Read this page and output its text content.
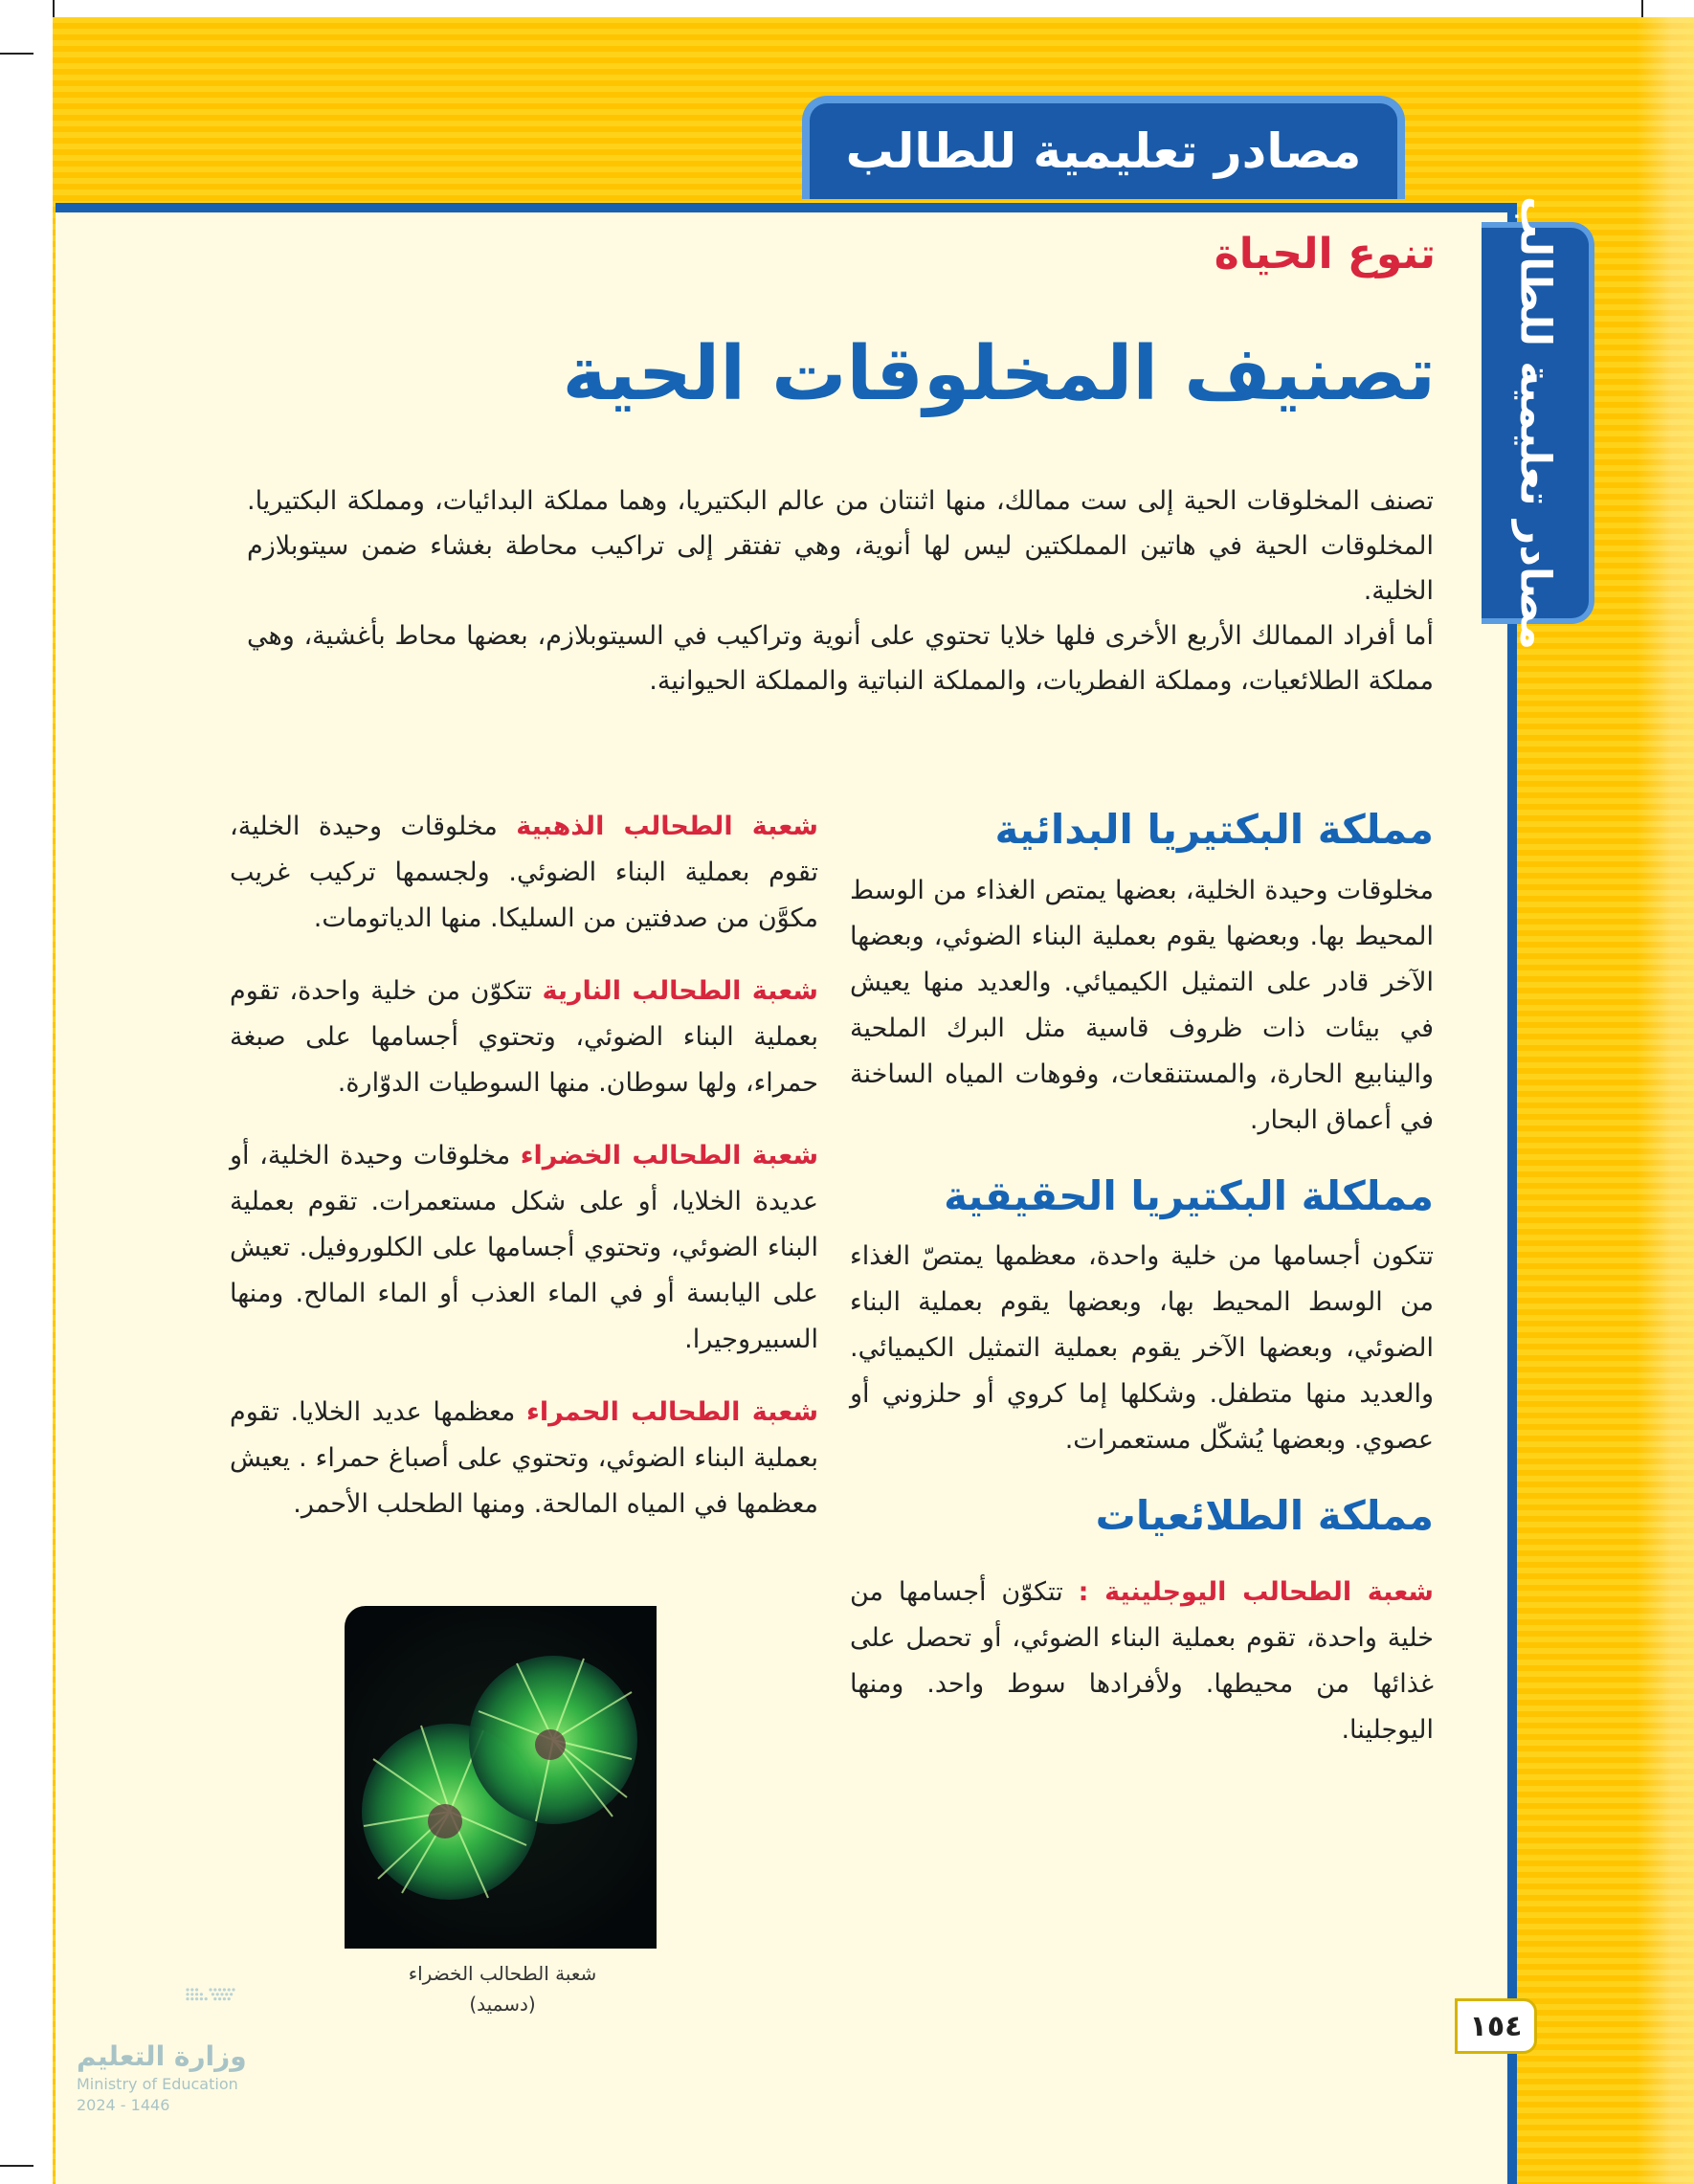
مصادر تعليمية للطالب
مصادر تعليمية للطالب
تنوع الحياة
تصنيف المخلوقات الحية

تصنف المخلوقات الحية إلى ست ممالك، منها اثنتان من عالم البكتيريا، وهما مملكة البدائيات، ومملكة البكتيريا. المخلوقات الحية في هاتين المملكتين ليس لها أنوية، وهي تفتقر إلى تراكيب محاطة بغشاء ضمن سيتوبلازم الخلية.

أما أفراد الممالك الأربع الأخرى فلها خلايا تحتوي على أنوية وتراكيب في السيتوبلازم، بعضها محاط بأغشية، وهي مملكة الطلائعيات، ومملكة الفطريات، والمملكة النباتية والمملكة الحيوانية.

مملكة البكتيريا البدائية

مخلوقات وحيدة الخلية، بعضها يمتص الغذاء من الوسط المحيط بها. وبعضها يقوم بعملية البناء الضوئي، وبعضها الآخر قادر على التمثيل الكيميائي. والعديد منها يعيش في بيئات ذات ظروف قاسية مثل البرك الملحية والينابيع الحارة، والمستنقعات، وفوهات المياه الساخنة في أعماق البحار.

مملكلة البكتيريا الحقيقية

تتكون أجسامها من خلية واحدة، معظمها يمتصّ الغذاء من الوسط المحيط بها، وبعضها يقوم بعملية البناء الضوئي، وبعضها الآخر يقوم بعملية التمثيل الكيميائي. والعديد منها متطفل. وشكلها إما كروي أو حلزوني أو عصوي. وبعضها يُشكّل مستعمرات.

مملكة الطلائعيات

شعبة الطحالب اليوجلينية : تتكوّن أجسامها من خلية واحدة، تقوم بعملية البناء الضوئي، أو تحصل على غذائها من محيطها. ولأفرادها سوط واحد. ومنها اليوجلينا.

شعبة الطحالب الذهبية مخلوقات وحيدة الخلية، تقوم بعملية البناء الضوئي. ولجسمها تركيب غريب مكوَّن من صدفتين من السليكا. منها الدياتومات.

شعبة الطحالب النارية تتكوّن من خلية واحدة، تقوم بعملية البناء الضوئي، وتحتوي أجسامها على صبغة حمراء، ولها سوطان. منها السوطيات الدوّارة.

شعبة الطحالب الخضراء مخلوقات وحيدة الخلية، أو عديدة الخلايا، أو على شكل مستعمرات. تقوم بعملية البناء الضوئي، وتحتوي أجسامها على الكلوروفيل. تعيش على اليابسة أو في الماء العذب أو الماء المالح. ومنها السبيروجيرا.

شعبة الطحالب الحمراء معظمها عديد الخلايا. تقوم بعملية البناء الضوئي، وتحتوي على أصباغ حمراء . يعيش معظمها في المياه المالحة. ومنها الطحلب الأحمر.

شعبة الطحالب الخضراء
(دسميد)
١٥٤
وزارة التعليم
Ministry of Education
2024 - 1446
